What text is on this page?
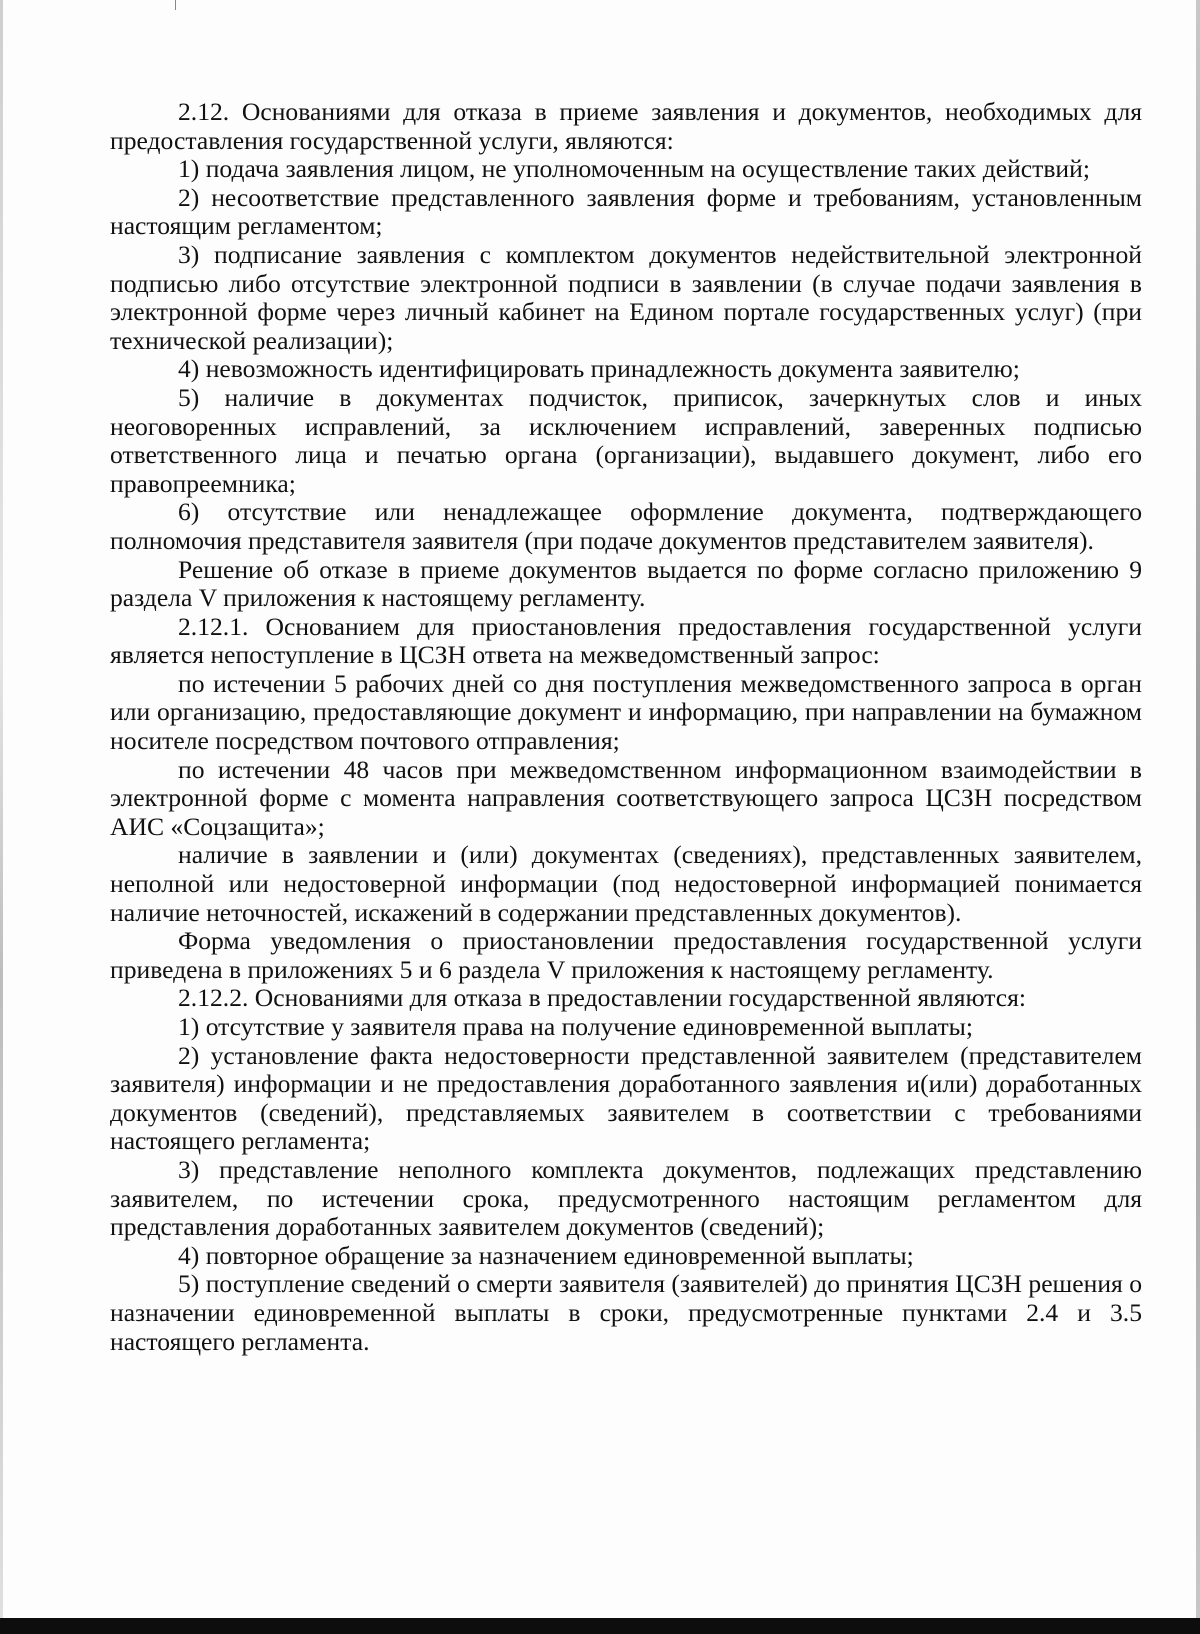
2.12. Основаниями для отказа в приеме заявления и документов, необходимых для предоставления государственной услуги, являются:

1) подача заявления лицом, не уполномоченным на осуществление таких действий;

2) несоответствие представленного заявления форме и требованиям, установленным настоящим регламентом;

3) подписание заявления с комплектом документов недействительной электронной подписью либо отсутствие электронной подписи в заявлении (в случае подачи заявления в электронной форме через личный кабинет на Едином портале государственных услуг) (при технической реализации);

4) невозможность идентифицировать принадлежность документа заявителю;

5) наличие в документах подчисток, приписок, зачеркнутых слов и иных неоговоренных исправлений, за исключением исправлений, заверенных подписью ответственного лица и печатью органа (организации), выдавшего документ, либо его правопреемника;

6) отсутствие или ненадлежащее оформление документа, подтверждающего полномочия представителя заявителя (при подаче документов представителем заявителя).

Решение об отказе в приеме документов выдается по форме согласно приложению 9 раздела V приложения к настоящему регламенту.

2.12.1. Основанием для приостановления предоставления государственной услуги является непоступление в ЦСЗН ответа на межведомственный запрос:

по истечении 5 рабочих дней со дня поступления межведомственного запроса в орган или организацию, предоставляющие документ и информацию, при направлении на бумажном носителе посредством почтового отправления;

по истечении 48 часов при межведомственном информационном взаимодействии в электронной форме с момента направления соответствующего запроса ЦСЗН посредством АИС «Соцзащита»;

наличие в заявлении и (или) документах (сведениях), представленных заявителем, неполной или недостоверной информации (под недостоверной информацией понимается наличие неточностей, искажений в содержании представленных документов).

Форма уведомления о приостановлении предоставления государственной услуги приведена в приложениях 5 и 6 раздела V приложения к настоящему регламенту.

2.12.2. Основаниями для отказа в предоставлении государственной являются:

1) отсутствие у заявителя права на получение единовременной выплаты;

2) установление факта недостоверности представленной заявителем (представителем заявителя) информации и не предоставления доработанного заявления и(или) доработанных документов (сведений), представляемых заявителем в соответствии с требованиями настоящего регламента;

3) представление неполного комплекта документов, подлежащих представлению заявителем, по истечении срока, предусмотренного настоящим регламентом для представления доработанных заявителем документов (сведений);

4) повторное обращение за назначением единовременной выплаты;

5) поступление сведений о смерти заявителя (заявителей) до принятия ЦСЗН решения о назначении единовременной выплаты в сроки, предусмотренные пунктами 2.4 и 3.5 настоящего регламента.
